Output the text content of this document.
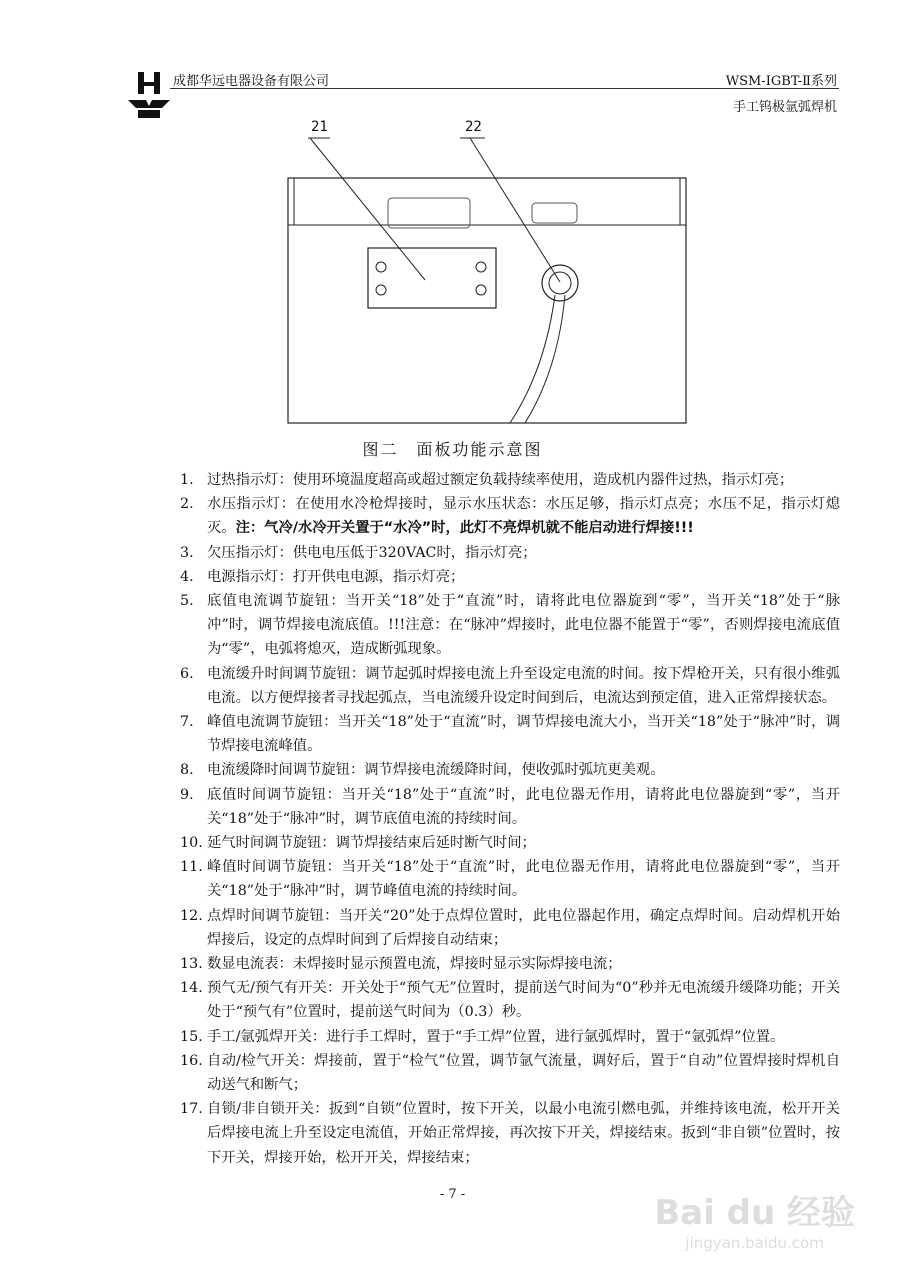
成都华远电器设备有限公司	WSM-IGBT-Ⅱ系列
手工钨极氩弧焊机
21	22
图二　面板功能示意图
1. 过热指示灯：使用环境温度超高或超过额定负载持续率使用，造成机内器件过热，指示灯亮；
2. 水压指示灯：在使用水冷枪焊接时，显示水压状态：水压足够，指示灯点亮；水压不足，指示灯熄灭。注：气冷/水冷开关置于“水冷”时，此灯不亮焊机就不能启动进行焊接!!!
3. 欠压指示灯：供电电压低于320VAC时，指示灯亮；
4. 电源指示灯：打开供电电源，指示灯亮；
5. 底值电流调节旋钮：当开关“18”处于“直流”时，请将此电位器旋到“零”，当开关“18”处于“脉冲”时，调节焊接电流底值。!!!注意：在“脉冲”焊接时，此电位器不能置于“零”，否则焊接电流底值为“零”，电弧将熄灭，造成断弧现象。
6. 电流缓升时间调节旋钮：调节起弧时焊接电流上升至设定电流的时间。按下焊枪开关，只有很小维弧电流。以方便焊接者寻找起弧点，当电流缓升设定时间到后，电流达到预定值，进入正常焊接状态。
7. 峰值电流调节旋钮：当开关“18”处于“直流”时，调节焊接电流大小，当开关“18”处于“脉冲”时，调节焊接电流峰值。
8. 电流缓降时间调节旋钮：调节焊接电流缓降时间，使收弧时弧坑更美观。
9. 底值时间调节旋钮：当开关“18”处于“直流”时，此电位器无作用，请将此电位器旋到“零”，当开关“18”处于“脉冲”时，调节底值电流的持续时间。
10. 延气时间调节旋钮：调节焊接结束后延时断气时间；
11. 峰值时间调节旋钮：当开关“18”处于“直流”时，此电位器无作用，请将此电位器旋到“零”，当开关“18”处于“脉冲”时，调节峰值电流的持续时间。
12. 点焊时间调节旋钮：当开关“20”处于点焊位置时，此电位器起作用，确定点焊时间。启动焊机开始焊接后，设定的点焊时间到了后焊接自动结束；
13. 数显电流表：未焊接时显示预置电流，焊接时显示实际焊接电流；
14. 预气无/预气有开关：开关处于“预气无”位置时，提前送气时间为“0”秒并无电流缓升缓降功能；开关处于“预气有”位置时，提前送气时间为（0.3）秒。
15. 手工/氩弧焊开关：进行手工焊时，置于“手工焊”位置，进行氩弧焊时，置于“氩弧焊”位置。
16. 自动/检气开关：焊接前，置于“检气”位置，调节氩气流量，调好后，置于“自动”位置焊接时焊机自动送气和断气；
17. 自锁/非自锁开关：扳到“自锁”位置时，按下开关，以最小电流引燃电弧，并维持该电流，松开开关后焊接电流上升至设定电流值，开始正常焊接，再次按下开关，焊接结束。扳到“非自锁”位置时，按下开关，焊接开始，松开开关，焊接结束；
- 7 -	Bai du 经验
jingyan.baidu.com
